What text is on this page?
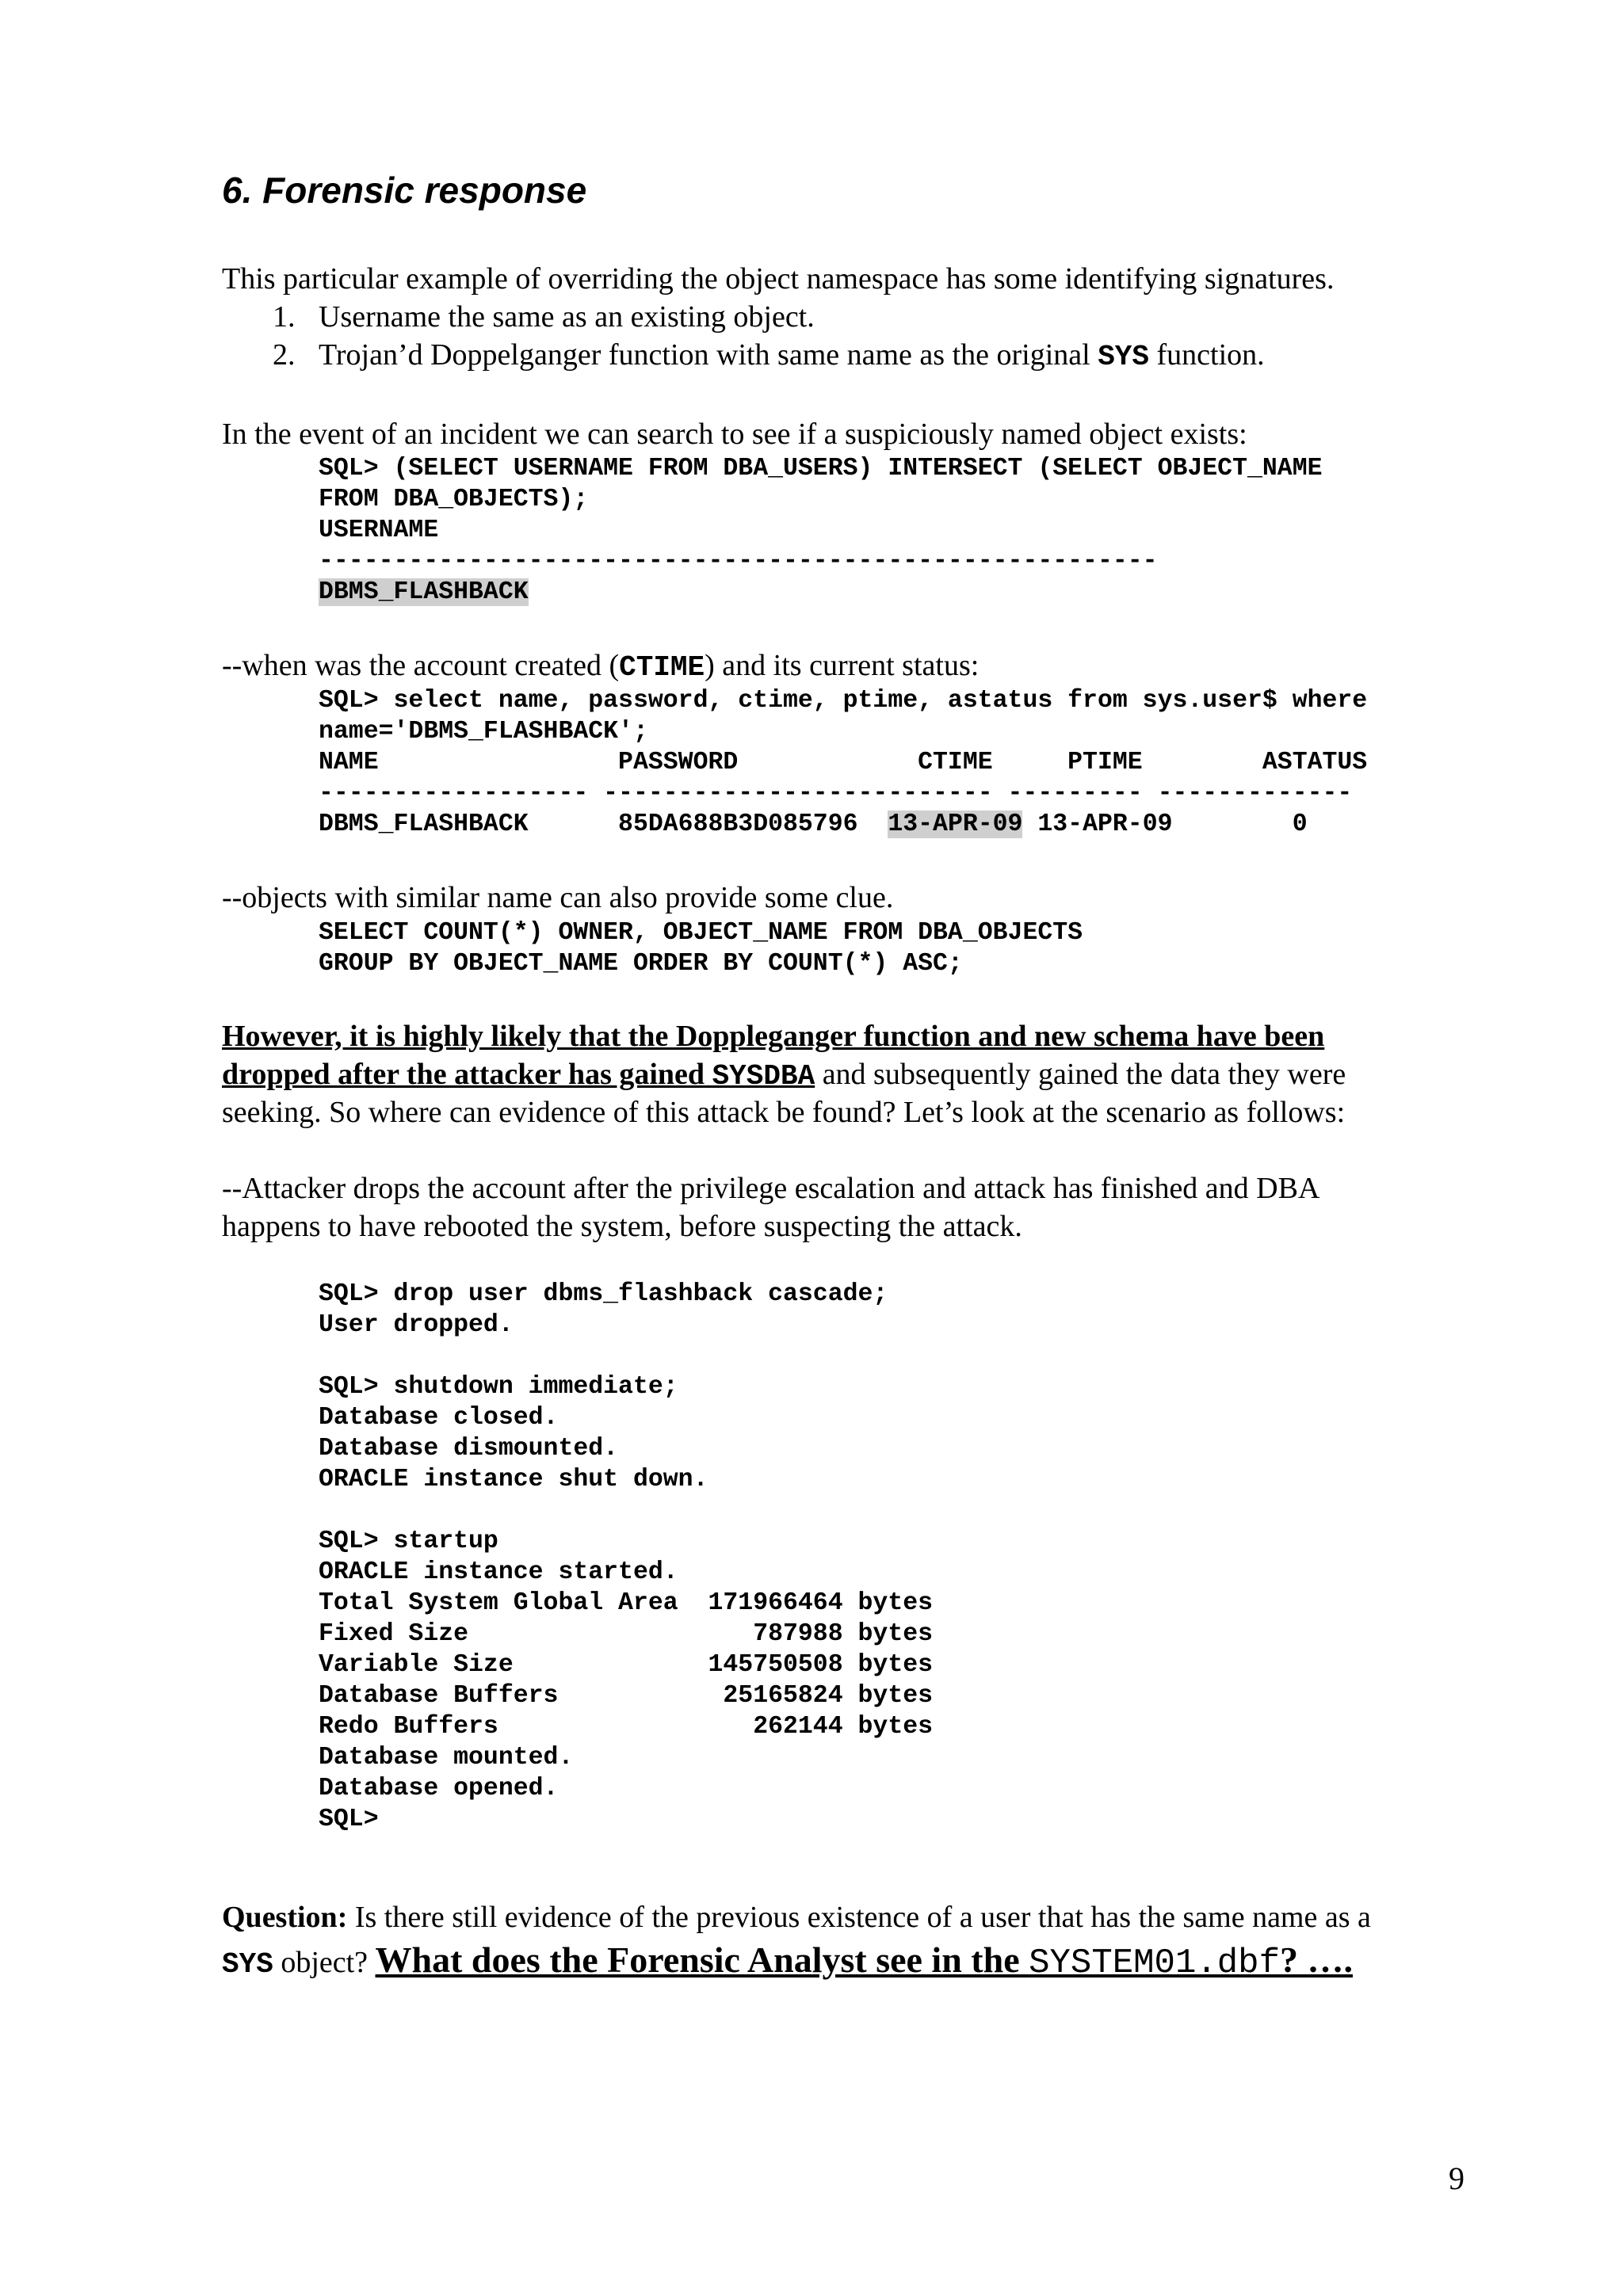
6. Forensic response
This particular example of overriding the object namespace has some identifying signatures.
1. Username the same as an existing object.
2. Trojan’d Doppelganger function with same name as the original SYS function.
In the event of an incident we can search to see if a suspiciously named object exists:
SQL> (SELECT USERNAME FROM DBA_USERS) INTERSECT (SELECT OBJECT_NAME
FROM DBA_OBJECTS);
USERNAME
--------------------------------------------------------
DBMS_FLASHBACK
--when was the account created (CTIME) and its current status:
SQL> select name, password, ctime, ptime, astatus from sys.user$ where
name='DBMS_FLASHBACK';
NAME                PASSWORD            CTIME     PTIME        ASTATUS
------------------ -------------------------- --------- -------------
DBMS_FLASHBACK      85DA688B3D085796  13-APR-09 13-APR-09        0
--objects with similar name can also provide some clue.
SELECT COUNT(*) OWNER, OBJECT_NAME FROM DBA_OBJECTS
GROUP BY OBJECT_NAME ORDER BY COUNT(*) ASC;
However, it is highly likely that the Doppleganger function and new schema have been
dropped after the attacker has gained SYSDBA and subsequently gained the data they were
seeking. So where can evidence of this attack be found? Let’s look at the scenario as follows:
--Attacker drops the account after the privilege escalation and attack has finished and DBA
happens to have rebooted the system, before suspecting the attack.
SQL> drop user dbms_flashback cascade;
User dropped.
SQL> shutdown immediate;
Database closed.
Database dismounted.
ORACLE instance shut down.
SQL> startup
ORACLE instance started.
Total System Global Area  171966464 bytes
Fixed Size                   787988 bytes
Variable Size             145750508 bytes
Database Buffers           25165824 bytes
Redo Buffers                 262144 bytes
Database mounted.
Database opened.
SQL>
Question: Is there still evidence of the previous existence of a user that has the same name as a
SYS object? What does the Forensic Analyst see in the SYSTEM01.dbf? ….
9
